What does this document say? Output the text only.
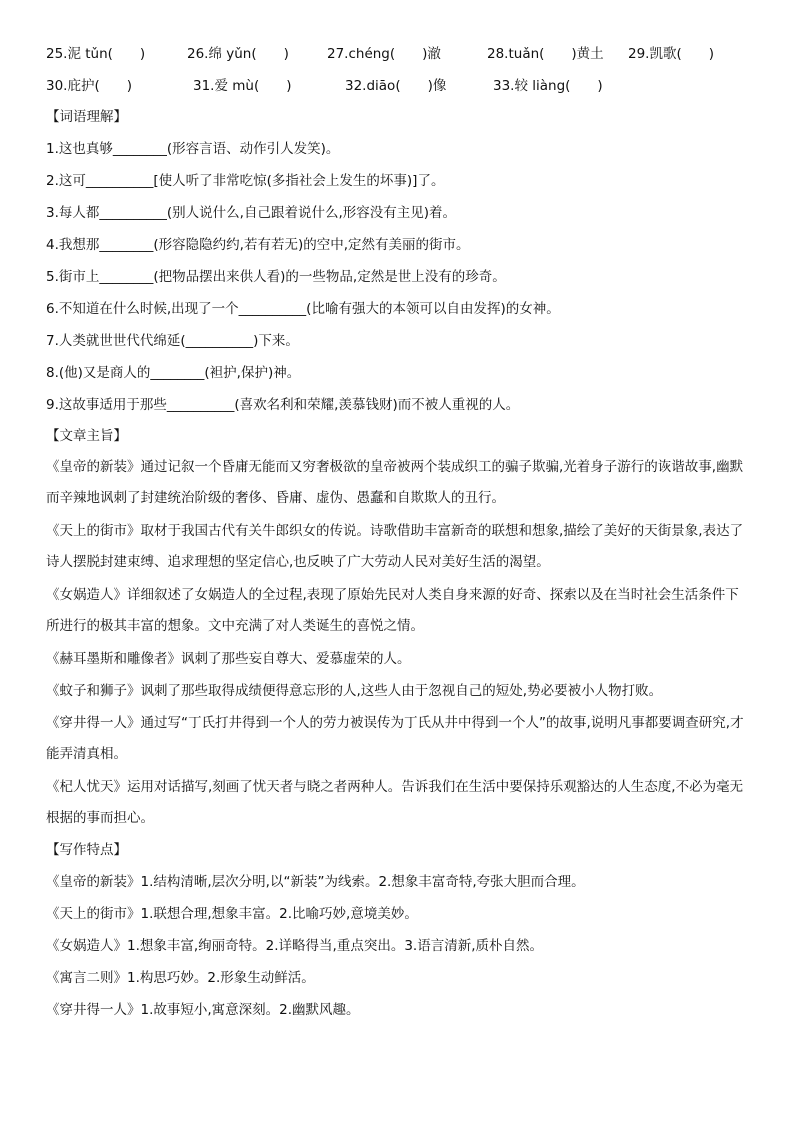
25.泥 tǔn(　　)	26.绵 yǔn(　　)	27.chéng(　　)澈	28.tuǎn(　　)黄土 29.凯歌(　　)
30.庇护(　　)	31.爱 mù(　　)	32.diāo(　　)像	33.较 liàng(　　)
【词语理解】
1.这也真够________(形容言语、动作引人发笑)。
2.这可__________[使人听了非常吃惊(多指社会上发生的坏事)]了。
3.每人都__________(别人说什么,自己跟着说什么,形容没有主见)着。
4.我想那________(形容隐隐约约,若有若无)的空中,定然有美丽的街市。
5.街市上________(把物品摆出来供人看)的一些物品,定然是世上没有的珍奇。
6.不知道在什么时候,出现了一个__________(比喻有强大的本领可以自由发挥)的女神。
7.人类就世世代代绵延(__________)下来。
8.(他)又是商人的________(袒护,保护)神。
9.这故事适用于那些__________(喜欢名利和荣耀,羡慕钱财)而不被人重视的人。
【文章主旨】
《皇帝的新装》通过记叙一个昏庸无能而又穷奢极欲的皇帝被两个装成织工的骗子欺骗,光着身子游行的诙谐故事,幽默而辛辣地讽刺了封建统治阶级的奢侈、昏庸、虚伪、愚蠢和自欺欺人的丑行。
《天上的街市》取材于我国古代有关牛郎织女的传说。诗歌借助丰富新奇的联想和想象,描绘了美好的天街景象,表达了诗人摆脱封建束缚、追求理想的坚定信心,也反映了广大劳动人民对美好生活的渴望。
《女娲造人》详细叙述了女娲造人的全过程,表现了原始先民对人类自身来源的好奇、探索以及在当时社会生活条件下所进行的极其丰富的想象。文中充满了对人类诞生的喜悦之情。
《赫耳墨斯和雕像者》讽刺了那些妄自尊大、爱慕虚荣的人。
《蚊子和狮子》讽刺了那些取得成绩便得意忘形的人,这些人由于忽视自己的短处,势必要被小人物打败。
《穿井得一人》通过写“丁氏打井得到一个人的劳力被误传为丁氏从井中得到一个人”的故事,说明凡事都要调查研究,才能弄清真相。
《杞人忧天》运用对话描写,刻画了忧天者与晓之者两种人。告诉我们在生活中要保持乐观豁达的人生态度,不必为毫无根据的事而担心。
【写作特点】
《皇帝的新装》1.结构清晰,层次分明,以“新装”为线索。2.想象丰富奇特,夸张大胆而合理。
《天上的街市》1.联想合理,想象丰富。2.比喻巧妙,意境美妙。
《女娲造人》1.想象丰富,绚丽奇特。2.详略得当,重点突出。3.语言清新,质朴自然。
《寓言二则》1.构思巧妙。2.形象生动鲜活。
《穿井得一人》1.故事短小,寓意深刻。2.幽默风趣。
